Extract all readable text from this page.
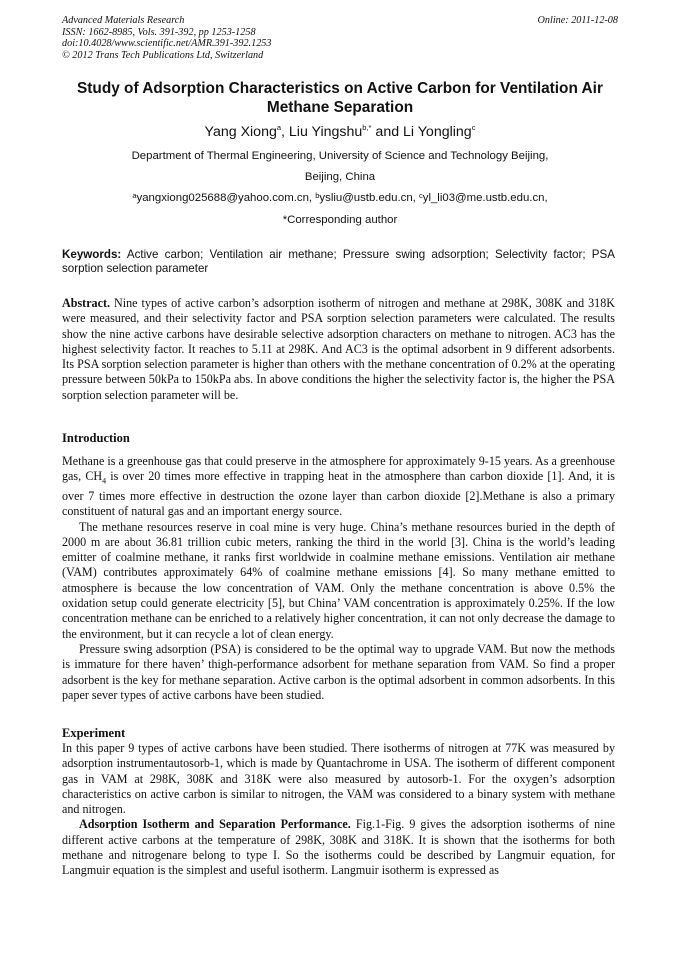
Advanced Materials Research
ISSN: 1662-8985, Vols. 391-392, pp 1253-1258
doi:10.4028/www.scientific.net/AMR.391-392.1253
© 2012 Trans Tech Publications Ltd, Switzerland
Online: 2011-12-08
Study of Adsorption Characteristics on Active Carbon for Ventilation Air Methane Separation
Yang Xiong$^a$, Liu Yingshu$^{b,*}$ and Li Yongling$^c$
Department of Thermal Engineering, University of Science and Technology Beijing,
Beijing, China
$^a$yangxiong025688@yahoo.com.cn, $^b$ysliu@ustb.edu.cn, $^c$yl_li03@me.ustb.edu.cn,
*Corresponding author
Keywords: Active carbon; Ventilation air methane; Pressure swing adsorption; Selectivity factor; PSA sorption selection parameter

Abstract. Nine types of active carbon’s adsorption isotherm of nitrogen and methane at 298K, 308K and 318K were measured, and their selectivity factor and PSA sorption selection parameters were calculated. The results show the nine active carbons have desirable selective adsorption characters on methane to nitrogen. AC3 has the highest selectivity factor. It reaches to 5.11 at 298K. And AC3 is the optimal adsorbent in 9 different adsorbents. Its PSA sorption selection parameter is higher than others with the methane concentration of 0.2% at the operating pressure between 50kPa to 150kPa abs. In above conditions the higher the selectivity factor is, the higher the PSA sorption selection parameter will be.

Introduction

Methane is a greenhouse gas that could preserve in the atmosphere for approximately 9-15 years. As a greenhouse gas, $CH_4$ is over 20 times more effective in trapping heat in the atmosphere than carbon dioxide [1]. And, it is over 7 times more effective in destruction the ozone layer than carbon dioxide [2].Methane is also a primary constituent of natural gas and an important energy source.

The methane resources reserve in coal mine is very huge. China’s methane resources buried in the depth of 2000 m are about 36.81 trillion cubic meters, ranking the third in the world [3]. China is the world’s leading emitter of coalmine methane, it ranks first worldwide in coalmine methane emissions. Ventilation air methane (VAM) contributes approximately 64% of coalmine methane emissions [4]. So many methane emitted to atmosphere is because the low concentration of VAM. Only the methane concentration is above 0.5% the oxidation setup could generate electricity [5], but China’ VAM concentration is approximately 0.25%. If the low concentration methane can be enriched to a relatively higher concentration, it can not only decrease the damage to the environment, but it can recycle a lot of clean energy.

Pressure swing adsorption (PSA) is considered to be the optimal way to upgrade VAM. But now the methods is immature for there haven’ thigh-performance adsorbent for methane separation from VAM. So find a proper adsorbent is the key for methane separation. Active carbon is the optimal adsorbent in common adsorbents. In this paper sever types of active carbons have been studied.

Experiment

In this paper 9 types of active carbons have been studied. There isotherms of nitrogen at 77K was measured by adsorption instrumentautosorb-1, which is made by Quantachrome in USA. The isotherm of different component gas in VAM at 298K, 308K and 318K were also measured by autosorb-1. For the oxygen’s adsorption characteristics on active carbon is similar to nitrogen, the VAM was considered to a binary system with methane and nitrogen.

Adsorption Isotherm and Separation Performance. Fig.1-Fig. 9 gives the adsorption isotherms of nine different active carbons at the temperature of 298K, 308K and 318K. It is shown that the isotherms for both methane and nitrogenare belong to type I. So the isotherms could be described by Langmuir equation, for Langmuir equation is the simplest and useful isotherm. Langmuir isotherm is expressed as
